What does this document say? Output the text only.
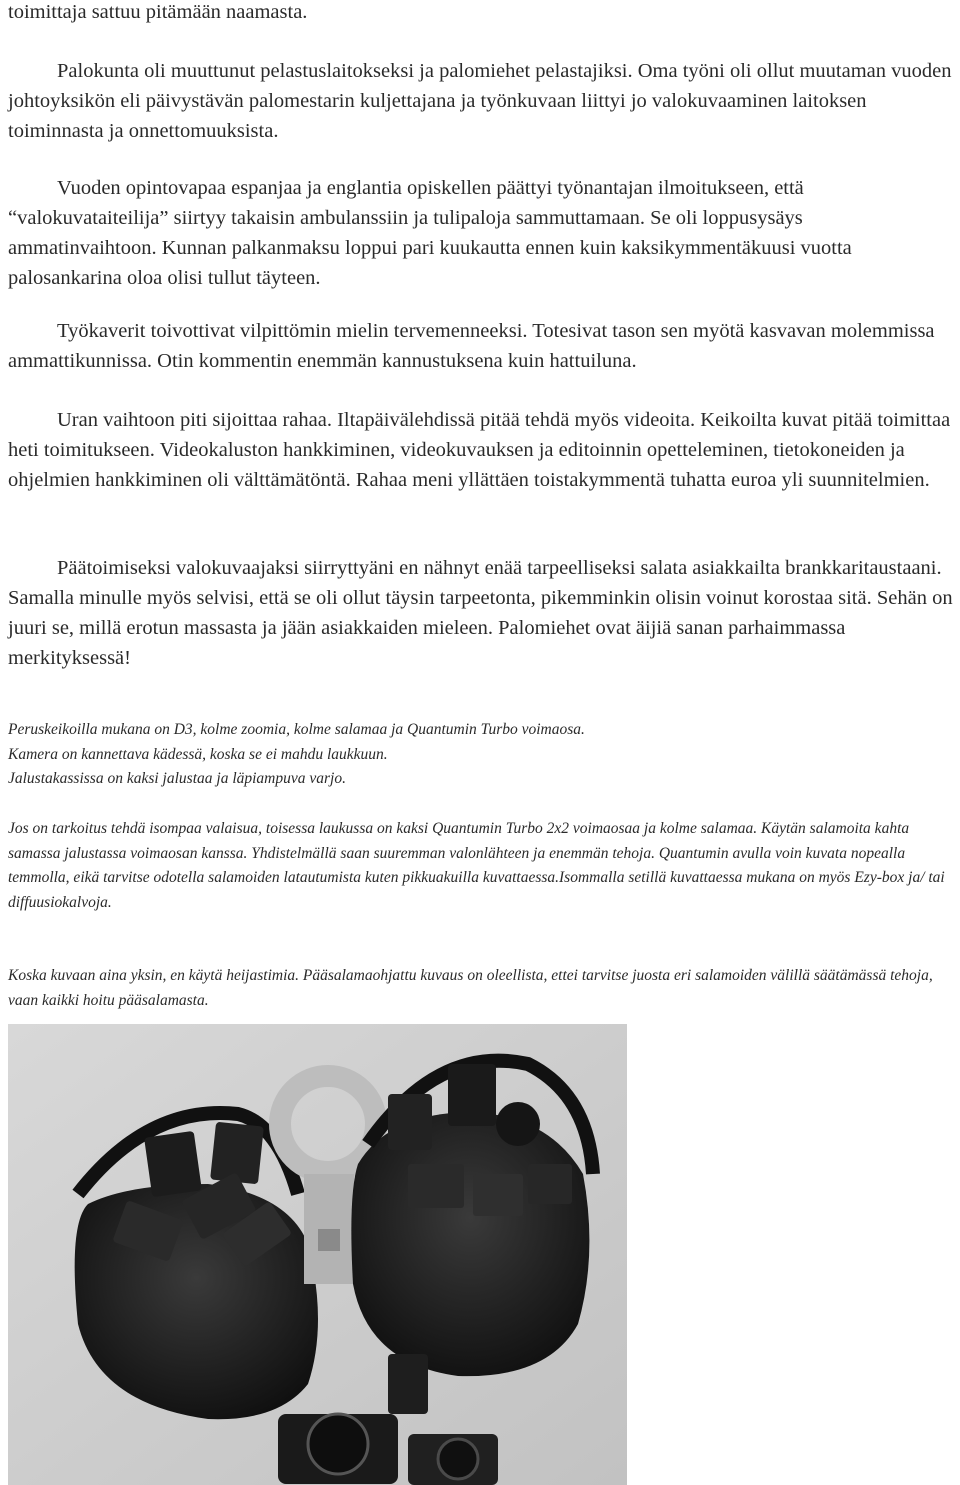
toimittaja sattuu pitämään naamasta.

Palokunta oli muuttunut pelastuslaitokseksi ja palomiehet pelastajiksi. Oma työni oli ollut muutaman vuoden johtoyksikön eli päivystävän palomestarin kuljettajana ja työnkuvaan liittyi jo valokuvaaminen laitoksen toiminnasta ja onnettomuuksista.

Vuoden opintovapaa espanjaa ja englantia opiskellen päättyi työnantajan ilmoitukseen, että “valokuvataiteilija” siirtyy takaisin ambulanssiin ja tulipaloja sammuttamaan. Se oli loppusysäys ammatinvaihtoon. Kunnan palkanmaksu loppui pari kuukautta ennen kuin kaksikymmentäkuusi vuotta palosankarina oloa olisi tullut täyteen.

Työkaverit toivottivat vilpittömin mielin tervemenneeksi. Totesivat tason sen myötä kasvavan molemmissa ammattikunnissa. Otin kommentin enemmän kannustuksena kuin hattuiluna.

Uran vaihtoon piti sijoittaa rahaa. Iltapäivälehdissä pitää tehdä myös videoita. Keikoilta kuvat pitää toimittaa heti toimitukseen. Videokaluston hankkiminen, videokuvauksen ja editoinnin opetteleminen, tietokoneiden ja ohjelmien hankkiminen oli välttämätöntä. Rahaa meni yllättäen toistakymmentä tuhatta euroa yli suunnitelmien.

Päätoimiseksi valokuvaajaksi siirryttyäni en nähnyt enää tarpeelliseksi salata asiakkailta brankkaritaustaani. Samalla minulle myös selvisi, että se oli ollut täysin tarpeetonta, pikemminkin olisin voinut korostaa sitä. Sehän on juuri se, millä erotun massasta ja jään asiakkaiden mieleen. Palomiehet ovat äijiä sanan parhaimmassa merkityksessä!

Peruskeikoilla mukana on D3, kolme zoomia, kolme salamaa ja Quantumin Turbo voimaosa.
Kamera on kannettava kädessä, koska se ei mahdu laukkuun.
Jalustakassissa on kaksi jalustaa ja läpiampuva varjo.

Jos on tarkoitus tehdä isompaa valaisua, toisessa laukussa on kaksi Quantumin Turbo 2x2 voimaosaa ja kolme salamaa. Käytän salamoita kahta samassa jalustassa voimaosan kanssa. Yhdistelmällä saan suuremman valonlähteen ja enemmän tehoja. Quantumin avulla voin kuvata nopealla temmolla, eikä tarvitse odotella salamoiden latautumista kuten pikkuakuilla kuvattaessa.Isommalla setillä kuvattaessa mukana on myös Ezy-box ja/ tai diffuusiokalvoja.

Koska kuvaan aina yksin, en käytä heijastimia. Pääsalamaohjattu kuvaus on oleellista, ettei tarvitse juosta eri salamoiden välillä säätämässä tehoja, vaan kaikki hoitu pääsalamasta.
